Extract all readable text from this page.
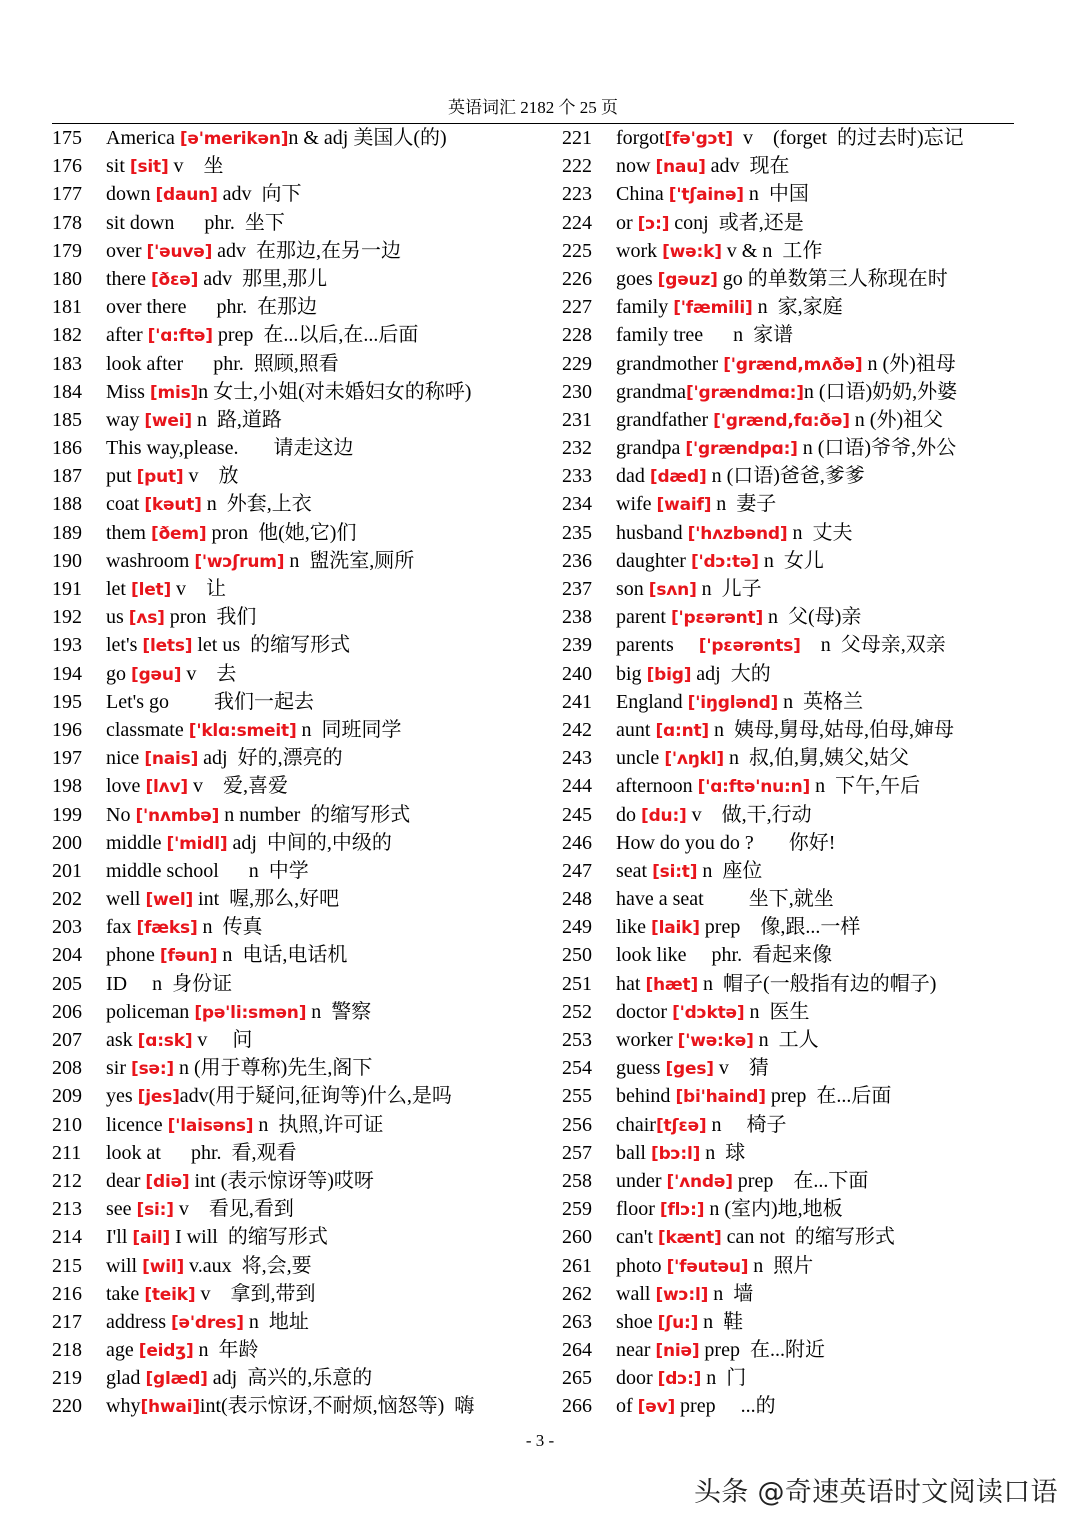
英语词汇 2182 个 25 页
175	America [ə'merikən]n & adj 美国人(的)
176	sit [sit] v    坐
177	down [daun] adv  向下
178	sit down      phr.  坐下
179	over ['əuvə] adv  在那边,在另一边
180	there [ðɛə] adv  那里,那儿
181	over there      phr.  在那边
182	after ['ɑ:ftə] prep  在...以后,在...后面
183	look after      phr.  照顾,照看
184	Miss [mis]n 女士,小姐(对未婚妇女的称呼)
185	way [wei] n  路,道路
186	This way,please.       请走这边
187	put [put] v    放
188	coat [kəut] n  外套,上衣
189	them [ðem] pron  他(她,它)们
190	washroom ['wɔʃrum] n  盥洗室,厕所
191	let [let] v    让
192	us [ʌs] pron  我们
193	let's [lets] let us  的缩写形式
194	go [gəu] v    去
195	Let's go         我们一起去
196	classmate ['klɑ:smeit] n  同班同学
197	nice [nais] adj  好的,漂亮的
198	love [lʌv] v    爱,喜爱
199	No ['nʌmbə] n number  的缩写形式
200	middle ['midl] adj  中间的,中级的
201	middle school      n  中学
202	well [wel] int  喔,那么,好吧
203	fax [fæks] n  传真
204	phone [fəun] n  电话,电话机
205	ID     n  身份证
206	policeman [pə'li:smən] n  警察
207	ask [ɑ:sk] v     问
208	sir [sə:] n (用于尊称)先生,阁下
209	yes [jes]adv(用于疑问,征询等)什么,是吗
210	licence ['laisəns] n  执照,许可证
211	look at      phr.  看,观看
212	dear [diə] int (表示惊讶等)哎呀
213	see [si:] v    看见,看到
214	I'll [ail] I will  的缩写形式
215	will [wil] v.aux  将,会,要
216	take [teik] v    拿到,带到
217	address [ə'dres] n  地址
218	age [eidʒ] n  年龄
219	glad [glæd] adj  高兴的,乐意的
220	why[hwai]int(表示惊讶,不耐烦,恼怒等)  嗨
221	forgot[fə'gɔt]  v    (forget  的过去时)忘记
222	now [nau] adv  现在
223	China ['tʃainə] n  中国
224	or [ɔ:] conj  或者,还是
225	work [wə:k] v & n  工作
226	goes [gəuz] go 的单数第三人称现在时
227	family ['fæmili] n  家,家庭
228	family tree      n  家谱
229	grandmother ['grænd,mʌðə] n (外)祖母
230	grandma['grændmɑ:]n (口语)奶奶,外婆
231	grandfather ['grænd,fɑ:ðə] n (外)祖父
232	grandpa ['grændpɑ:] n (口语)爷爷,外公
233	dad [dæd] n (口语)爸爸,爹爹
234	wife [waif] n  妻子
235	husband ['hʌzbənd] n  丈夫
236	daughter ['dɔ:tə] n  女儿
237	son [sʌn] n  儿子
238	parent ['pɛərənt] n  父(母)亲
239	parents     ['pɛərənts]    n  父母亲,双亲
240	big [big] adj  大的
241	England ['iŋglənd] n  英格兰
242	aunt [ɑ:nt] n  姨母,舅母,姑母,伯母,婶母
243	uncle ['ʌŋkl] n  叔,伯,舅,姨父,姑父
244	afternoon ['ɑ:ftə'nu:n] n  下午,午后
245	do [du:] v    做,干,行动
246	How do you do ?       你好!
247	seat [si:t] n  座位
248	have a seat         坐下,就坐
249	like [laik] prep    像,跟...一样
250	look like     phr.  看起来像
251	hat [hæt] n  帽子(一般指有边的帽子)
252	doctor ['dɔktə] n  医生
253	worker ['wə:kə] n  工人
254	guess [ges] v    猜
255	behind [bi'haind] prep  在...后面
256	chair[tʃɛə] n     椅子
257	ball [bɔ:l] n  球
258	under ['ʌndə] prep    在...下面
259	floor [flɔ:] n (室内)地,地板
260	can't [kænt] can not  的缩写形式
261	photo ['fəutəu] n  照片
262	wall [wɔ:l] n  墙
263	shoe [ʃu:] n  鞋
264	near [niə] prep  在...附近
265	door [dɔ:] n  门
266	of [əv] prep     ...的
- 3 -
头条 @奇速英语时文阅读口语
